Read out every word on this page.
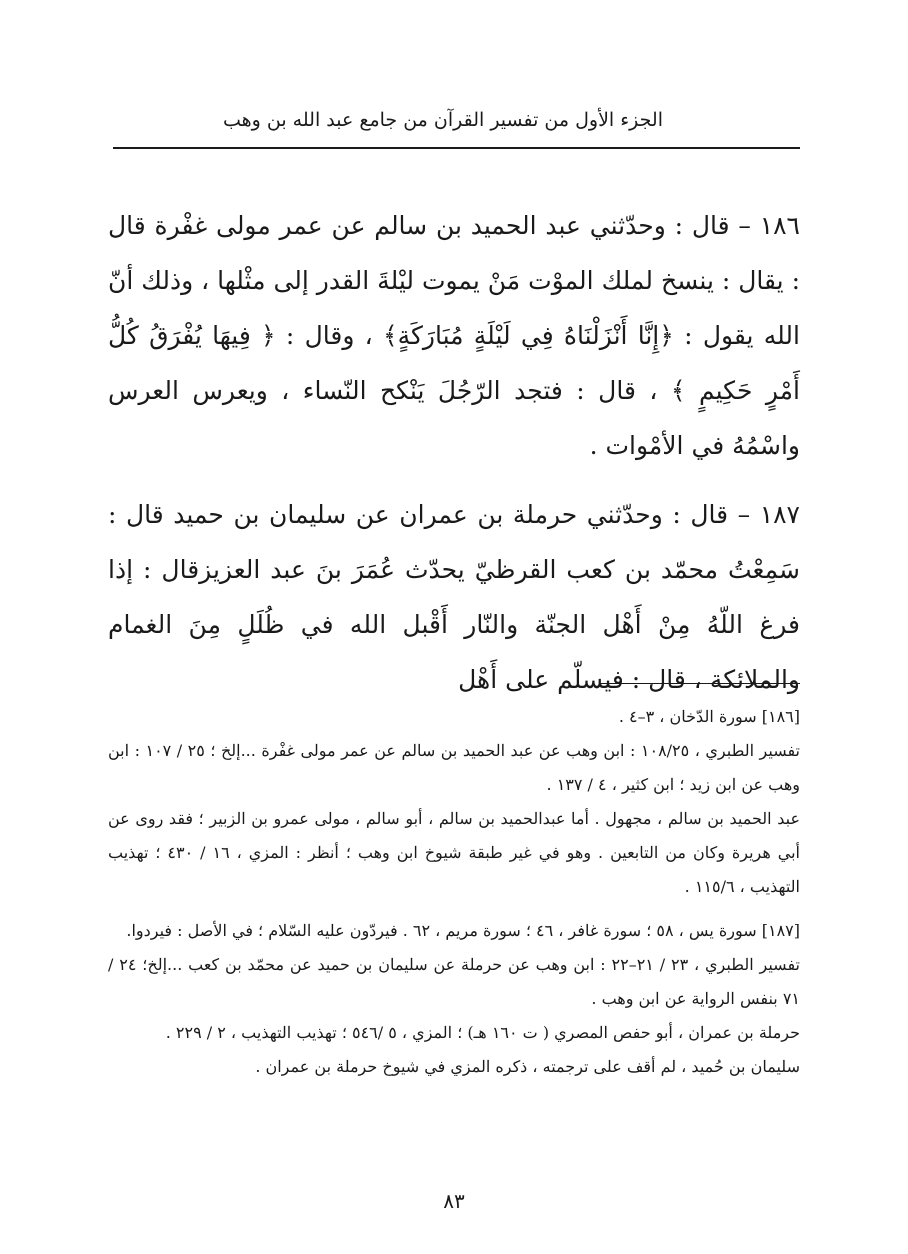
الجزء الأول من تفسير القرآن من جامع عبد الله بن وهب

١٨٦ – قال : وحدّثني عبد الحميد بن سالم عن عمر مولى غفْرة قال : يقال : ينسخ لملك الموْت مَنْ يموت ليْلةَ القدر إلى مثْلها ، وذلك أنّ الله يقول : ﴿إِنَّا أَنْزَلْنَاهُ فِي لَيْلَةٍ مُبَارَكَةٍ﴾ ، وقال : ﴿ فِيهَا يُفْرَقُ كُلُّ أَمْرٍ حَكِيمٍ ﴾ ، قال : فتجد الرّجُلَ يَنْكح النّساء ، ويعرس العرس واسْمُهُ في الأمْوات .

١٨٧ – قال : وحدّثني حرملة بن عمران عن سليمان بن حميد قال : سَمِعْتُ محمّد بن كعب القرظيّ يحدّث عُمَرَ بنَ عبد العزيزقال : إذا فرغ اللّهُ مِنْ أَهْل الجنّة والنّار أَقْبل الله في ظُلَلٍ مِنَ الغمام والملائكة ، قال : فيسلّم على أَهْل

[١٨٦] سورة الدّخان ، ٣–٤ .

تفسير الطبري ، ١٠٨/٢٥ : ابن وهب عن عبد الحميد بن سالم عن عمر مولى غفْرة ...إلخ ؛ ٢٥ / ١٠٧ : ابن وهب عن ابن زيد ؛ ابن كثير ، ٤ / ١٣٧ .

عبد الحميد بن سالم ، مجهول . أما عبدالحميد بن سالم ، أبو سالم ، مولى عمرو بن الزبير ؛ فقد روى عن أبي هريرة وكان من التابعين . وهو في غير طبقة شيوخ ابن وهب ؛ أنظر : المزي ، ١٦ / ٤٣٠ ؛ تهذيب التهذيب ، ١١٥/٦ .

[١٨٧] سورة يس ، ٥٨ ؛ سورة غافر ، ٤٦ ؛ سورة مريم ، ٦٢ . فيردّون عليه السّلام ؛ في الأصل : فيردوا.

تفسير الطبري ، ٢٣ / ٢١–٢٢ : ابن وهب عن حرملة عن سليمان بن حميد عن محمّد بن كعب ...إلخ؛ ٢٤ / ٧١ بنفس الرواية عن ابن وهب .

حرملة بن عمران ، أبو حفص المصري ( ت ١٦٠ هـ) ؛ المزي ، ٥ /٥٤٦ ؛ تهذيب التهذيب ، ٢ / ٢٢٩ .

سليمان بن حُميد ، لم أقف على ترجمته ، ذكره المزي في شيوخ حرملة بن عمران .

٨٣
